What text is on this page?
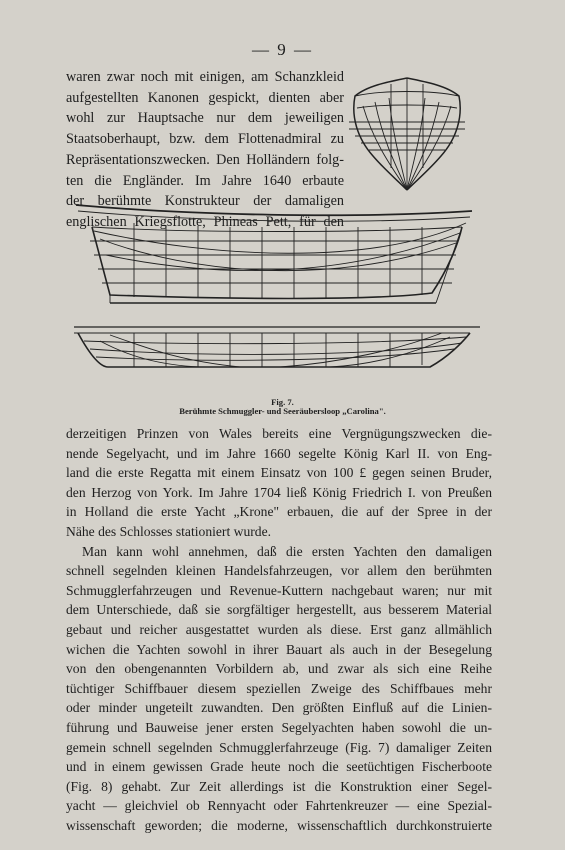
— 9 —
waren zwar noch mit einigen, am Schanzkleid
aufgestellten Kanonen gespickt, dienten aber
wohl zur Hauptsache nur dem jeweiligen
Staatsoberhaupt, bzw. dem Flottenadmiral zu
Repräsentationszwecken. Den Holländern folg-
ten die Engländer. Im Jahre 1640 erbaute
der berühmte Konstrukteur der damaligen
englischen Kriegsflotte, Phineas Pett, für den
Fig. 7.
Berühmte Schmuggler- und Seeräubersloop „Carolina".
derzeitigen Prinzen von Wales bereits eine Vergnügungszwecken die-
nende Segelyacht, und im Jahre 1660 segelte König Karl II. von Eng-
land die erste Regatta mit einem Einsatz von 100 £ gegen seinen Bruder,
den Herzog von York. Im Jahre 1704 ließ König Friedrich I. von Preußen
in Holland die erste Yacht „Krone" erbauen, die auf der Spree in der
Nähe des Schlosses stationiert wurde.
Man kann wohl annehmen, daß die ersten Yachten den damaligen
schnell segelnden kleinen Handelsfahrzeugen, vor allem den berühmten
Schmugglerfahrzeugen und Revenue-Kuttern nachgebaut waren; nur mit
dem Unterschiede, daß sie sorgfältiger hergestellt, aus besserem Material
gebaut und reicher ausgestattet wurden als diese. Erst ganz allmählich
wichen die Yachten sowohl in ihrer Bauart als auch in der Besegelung
von den obengenannten Vorbildern ab, und zwar als sich eine Reihe
tüchtiger Schiffbauer diesem speziellen Zweige des Schiffbaues mehr
oder minder ungeteilt zuwandten. Den größten Einfluß auf die Linien-
führung und Bauweise jener ersten Segelyachten haben sowohl die un-
gemein schnell segelnden Schmugglerfahrzeuge (Fig. 7) damaliger Zeiten
und in einem gewissen Grade heute noch die seetüchtigen Fischerboote
(Fig. 8) gehabt. Zur Zeit allerdings ist die Konstruktion einer Segel-
yacht — gleichviel ob Rennyacht oder Fahrtenkreuzer — eine Spezial-
wissenschaft geworden; die moderne, wissenschaftlich durchkonstruierte
